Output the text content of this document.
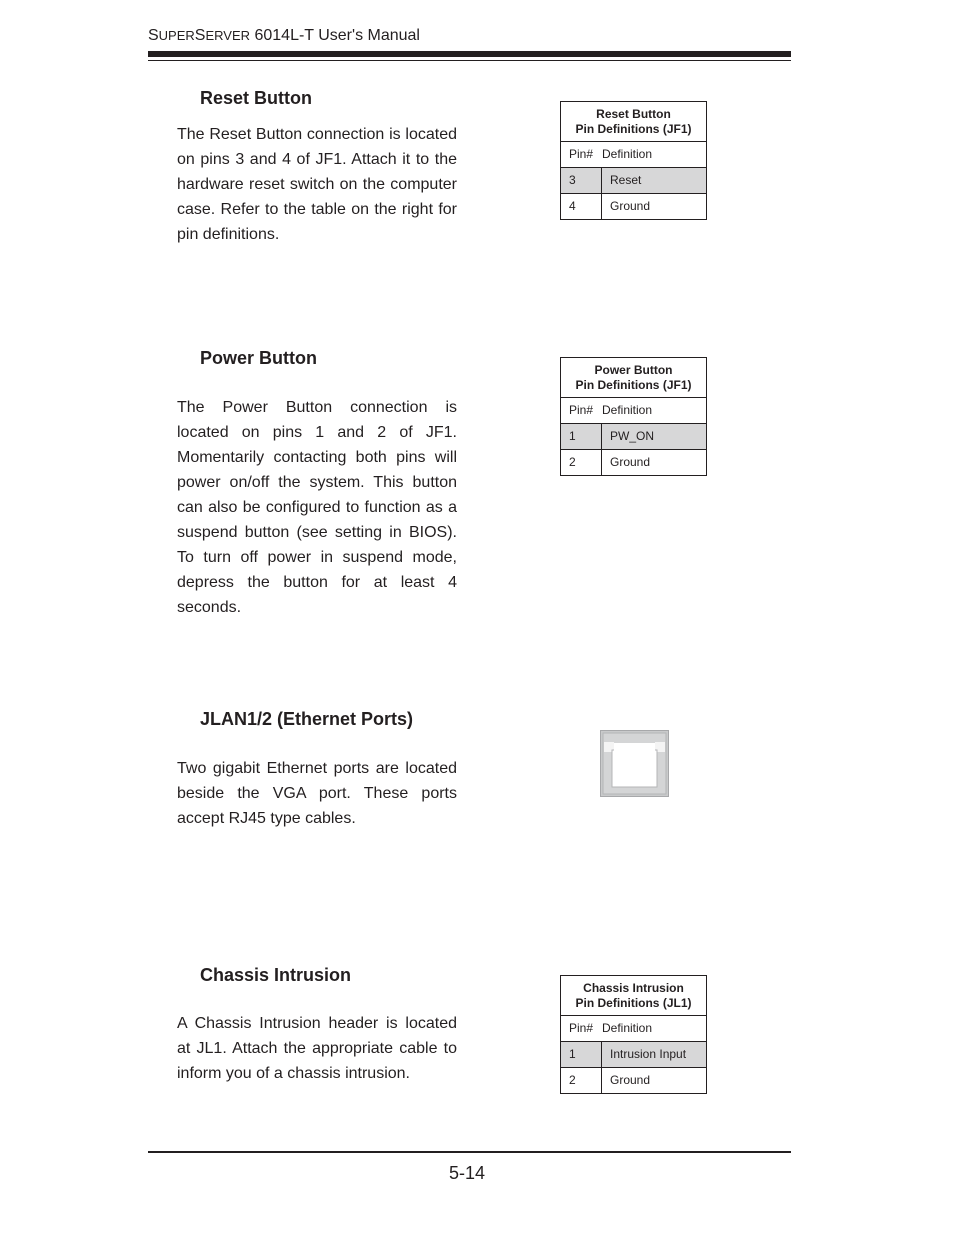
SUPERSERVER 6014L-T User's Manual
Reset Button
The Reset Button connection is located on pins 3 and 4 of JF1. Attach it to the hardware reset switch on the computer case. Refer to the table on the right for pin definitions.
Reset Button
Pin Definitions (JF1)
Pin# Definition
3	Reset
4	Ground
Power Button
The Power Button connection is located on pins 1 and 2 of JF1. Momentarily contacting both pins will power on/off the system. This button can also be configured to function as a suspend button (see setting in BIOS). To turn off power in suspend mode, depress the button for at least 4 seconds.
Power Button
Pin Definitions (JF1)
Pin# Definition
1	PW_ON
2	Ground
JLAN1/2 (Ethernet Ports)
Two gigabit Ethernet ports are located beside the VGA port. These ports accept RJ45 type cables.
Chassis Intrusion
A Chassis Intrusion header is located at JL1. Attach the appropriate cable to inform you of a chassis intrusion.
Chassis Intrusion
Pin Definitions (JL1)
Pin# Definition
1	Intrusion Input
2	Ground
5-14
